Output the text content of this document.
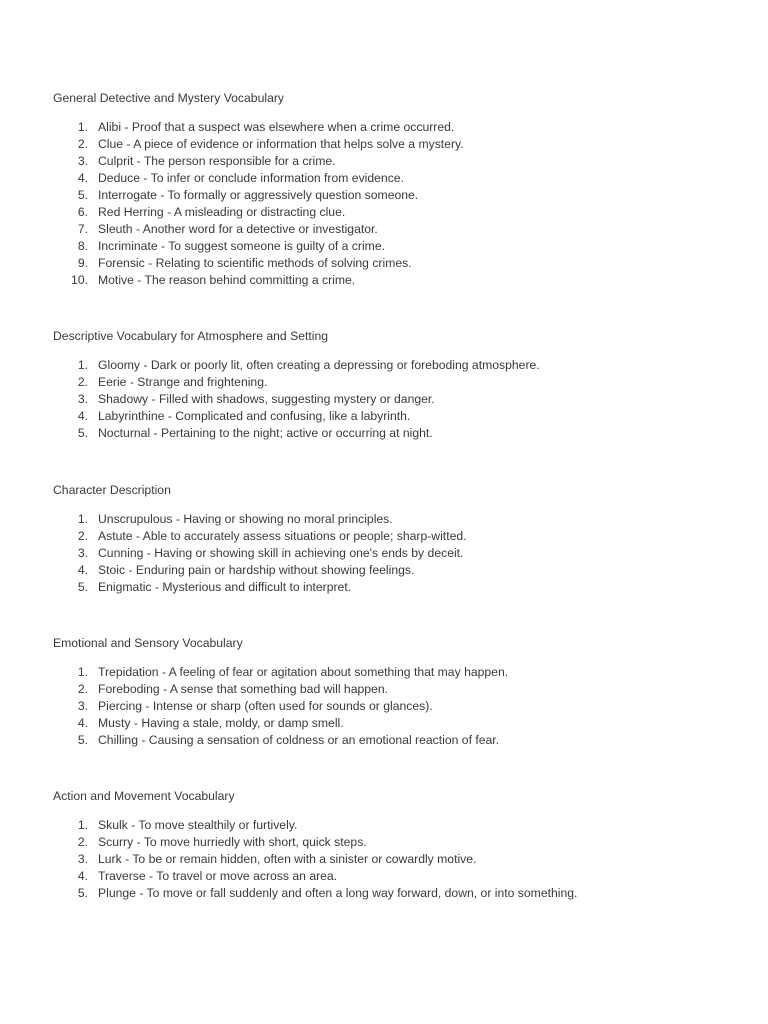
General Detective and Mystery Vocabulary
1. Alibi - Proof that a suspect was elsewhere when a crime occurred.
2. Clue - A piece of evidence or information that helps solve a mystery.
3. Culprit - The person responsible for a crime.
4. Deduce - To infer or conclude information from evidence.
5. Interrogate - To formally or aggressively question someone.
6. Red Herring - A misleading or distracting clue.
7. Sleuth - Another word for a detective or investigator.
8. Incriminate - To suggest someone is guilty of a crime.
9. Forensic - Relating to scientific methods of solving crimes.
10. Motive - The reason behind committing a crime.
Descriptive Vocabulary for Atmosphere and Setting
1. Gloomy - Dark or poorly lit, often creating a depressing or foreboding atmosphere.
2. Eerie - Strange and frightening.
3. Shadowy - Filled with shadows, suggesting mystery or danger.
4. Labyrinthine - Complicated and confusing, like a labyrinth.
5. Nocturnal - Pertaining to the night; active or occurring at night.
Character Description
1. Unscrupulous - Having or showing no moral principles.
2. Astute - Able to accurately assess situations or people; sharp-witted.
3. Cunning - Having or showing skill in achieving one's ends by deceit.
4. Stoic - Enduring pain or hardship without showing feelings.
5. Enigmatic - Mysterious and difficult to interpret.
Emotional and Sensory Vocabulary
1. Trepidation - A feeling of fear or agitation about something that may happen.
2. Foreboding - A sense that something bad will happen.
3. Piercing - Intense or sharp (often used for sounds or glances).
4. Musty - Having a stale, moldy, or damp smell.
5. Chilling - Causing a sensation of coldness or an emotional reaction of fear.
Action and Movement Vocabulary
1. Skulk - To move stealthily or furtively.
2. Scurry - To move hurriedly with short, quick steps.
3. Lurk - To be or remain hidden, often with a sinister or cowardly motive.
4. Traverse - To travel or move across an area.
5. Plunge - To move or fall suddenly and often a long way forward, down, or into something.
